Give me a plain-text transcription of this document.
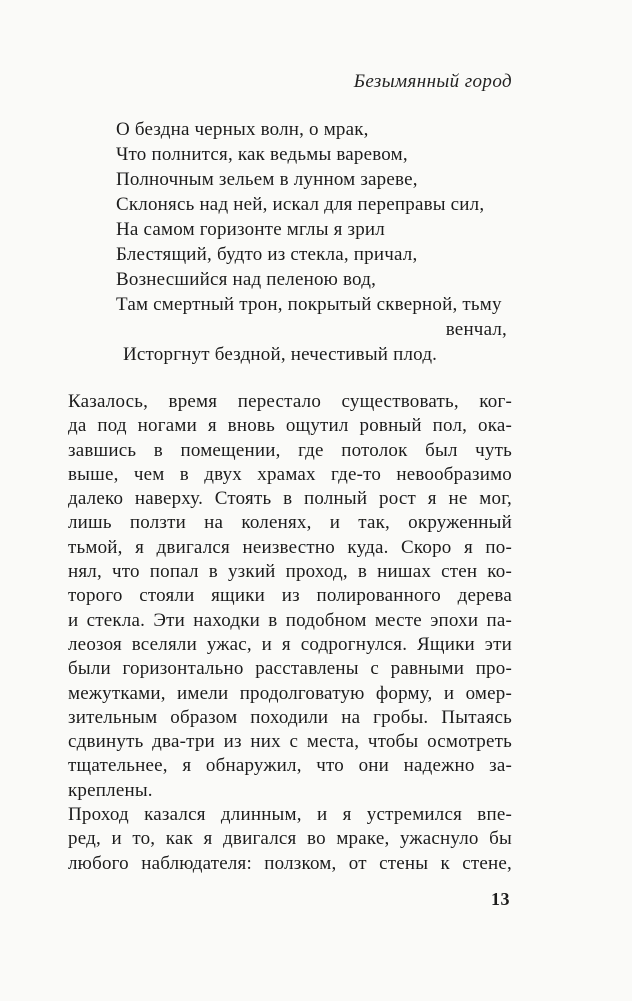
Безымянный город
О бездна черных волн, о мрак,
Что полнится, как ведьмы варевом,
Полночным зельем в лунном зареве,
Склонясь над ней, искал для переправы сил,
На самом горизонте мглы я зрил
Блестящий, будто из стекла, причал,
Вознесшийся над пеленою вод,
Там смертный трон, покрытый скверной, тьму
венчал,
Исторгнут бездной, нечестивый плод.
Казалось, время перестало существовать, ког-
да под ногами я вновь ощутил ровный пол, ока-
завшись в помещении, где потолок был чуть
выше, чем в двух храмах где-то невообразимо
далеко наверху. Стоять в полный рост я не мог,
лишь ползти на коленях, и так, окруженный
тьмой, я двигался неизвестно куда. Скоро я по-
нял, что попал в узкий проход, в нишах стен ко-
торого стояли ящики из полированного дерева
и стекла. Эти находки в подобном месте эпохи па-
леозоя вселяли ужас, и я содрогнулся. Ящики эти
были горизонтально расставлены с равными про-
межутками, имели продолговатую форму, и омер-
зительным образом походили на гробы. Пытаясь
сдвинуть два-три из них с места, чтобы осмотреть
тщательнее, я обнаружил, что они надежно за-
креплены.
Проход казался длинным, и я устремился впе-
ред, и то, как я двигался во мраке, ужаснуло бы
любого наблюдателя: ползком, от стены к стене,
13
